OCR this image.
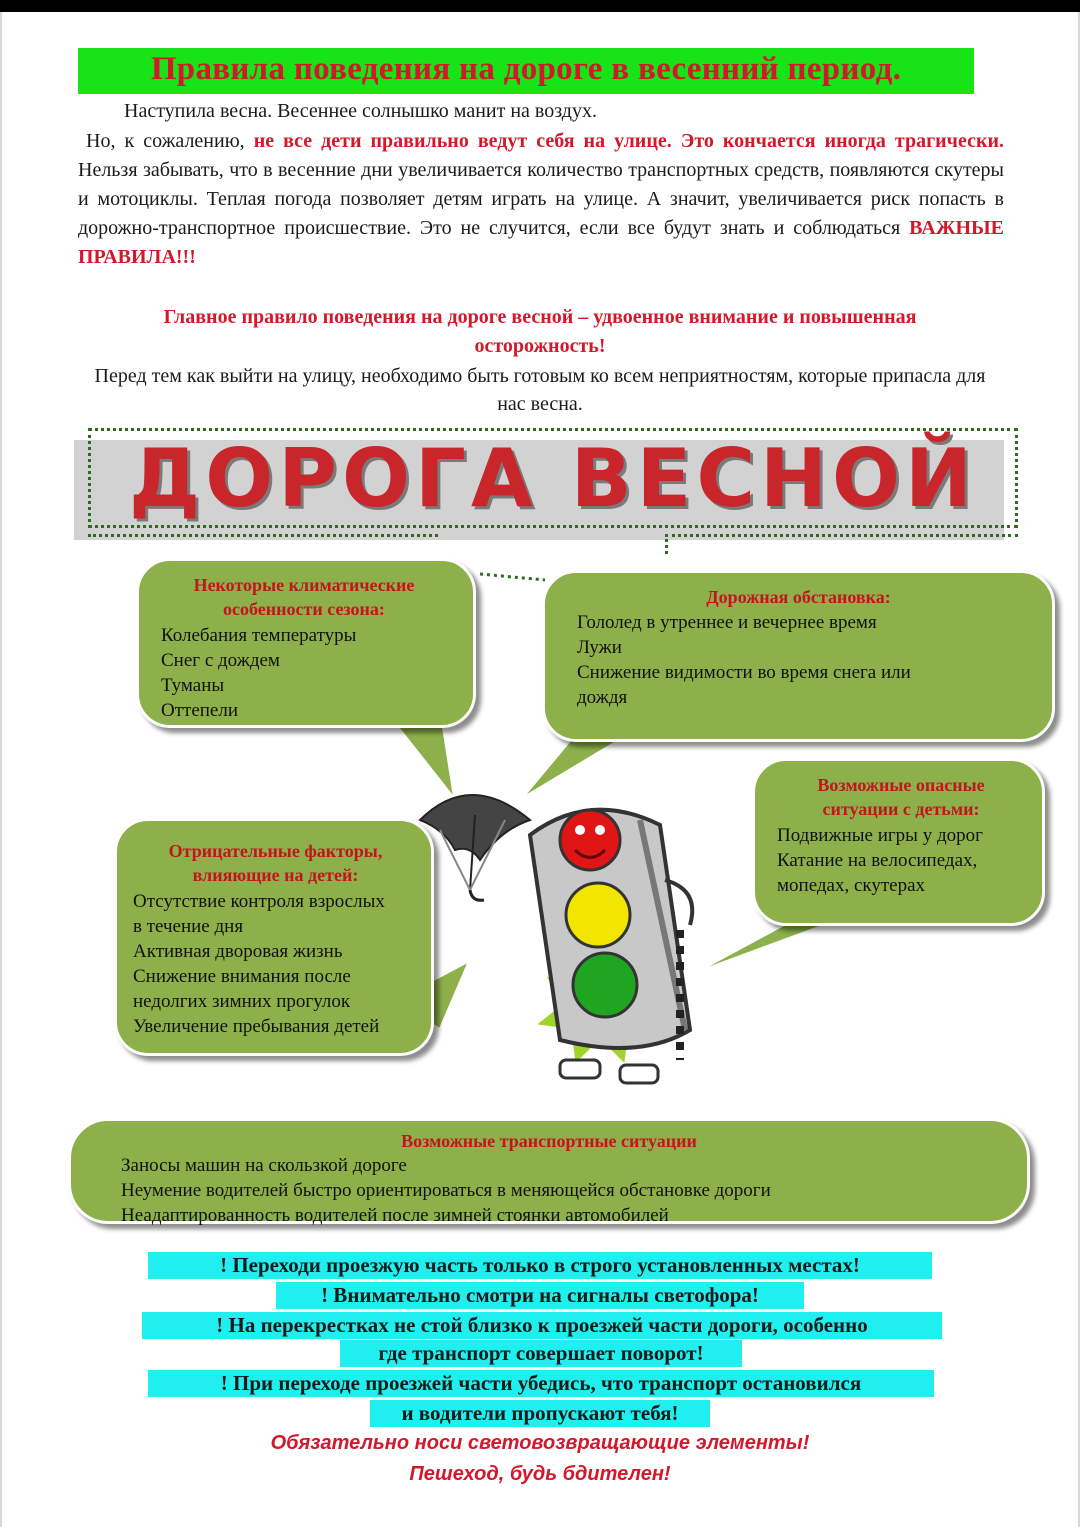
Правила поведения на дороге в весенний период.
Наступила весна. Весеннее солнышко манит на воздух.
Но, к сожалению, не все дети правильно ведут себя на улице. Это кончается иногда трагически. Нельзя забывать, что в весенние дни увеличивается количество транспортных средств, появляются скутеры и мотоциклы. Теплая погода позволяет детям играть на улице. А значит, увеличивается риск попасть в дорожно-транспортное происшествие. Это не случится, если все будут знать и соблюдаться ВАЖНЫЕ ПРАВИЛА!!!
Главное правило поведения на дороге весной – удвоенное внимание и повышенная осторожность!
Перед тем как выйти на улицу, необходимо быть готовым ко всем неприятностям, которые припасла для нас весна.
ДОРОГА ВЕСНОЙ
Некоторые климатические особенности сезона:
Колебания температуры
Снег с дождем
Туманы
Оттепели
Дорожная обстановка:
Гололед в утреннее и вечернее время
Лужи
Снижение видимости во время снега или
дождя
Возможные опасные ситуации с детьми:
Подвижные игры у дорог
Катание на велосипедах,
мопедах, скутерах
Отрицательные факторы, влияющие на детей:
Отсутствие контроля взрослых
в течение дня
Активная дворовая жизнь
Снижение внимания после
недолгих зимних прогулок
Увеличение пребывания детей
Возможные транспортные ситуации
Заносы машин на скользкой дороге
Неумение водителей быстро ориентироваться в меняющейся обстановке дороги
Неадаптированность водителей после зимней стоянки автомобилей
! Переходи проезжую часть только в строго установленных местах!
! Внимательно смотри на сигналы светофора!
! На перекрестках не стой близко к проезжей части дороги, особенно
где транспорт совершает поворот!
! При переходе проезжей части убедись, что транспорт остановился
и водители пропускают тебя!
Обязательно носи световозвращающие элементы!
Пешеход, будь бдителен!
